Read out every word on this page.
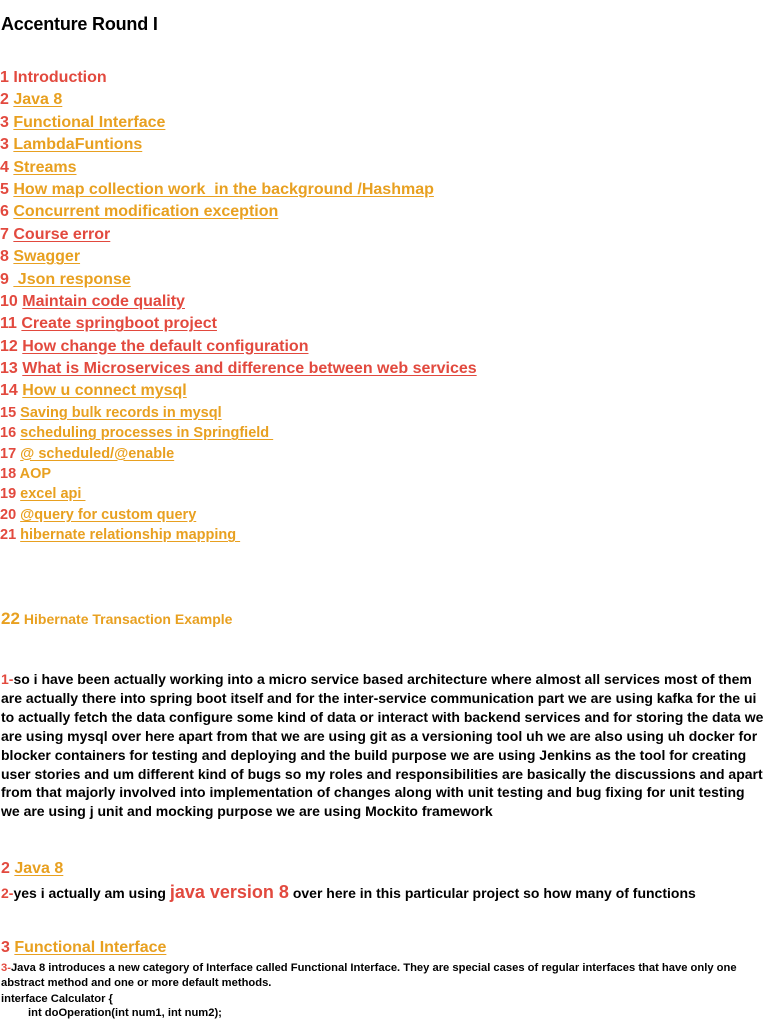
Accenture Round I
1 Introduction
2 Java 8
3 Functional Interface
3 LambdaFuntions
4 Streams
5 How map collection work  in the background /Hashmap
6 Concurrent modification exception
7 Course error
8 Swagger
9  Json response
10 Maintain code quality
11 Create springboot project
12 How change the default configuration
13 What is Microservices and difference between web services
14 How u connect mysql
15 Saving bulk records in mysql
16 scheduling processes in Springfield
17 @ scheduled/@enable
18 AOP
19 excel api
20 @query for custom query
21 hibernate relationship mapping
22 Hibernate Transaction Example
1-so i have been actually working into a micro service based architecture where almost all services most of them are actually there into spring boot itself and for the inter-service communication part we are using kafka for the ui to actually fetch the data configure some kind of data or interact with backend services and for storing the data we are using mysql over here apart from that we are using git as a versioning tool uh we are also using uh docker for blocker containers for testing and deploying and the build purpose we are using Jenkins as the tool for creating user stories and um different kind of bugs so my roles and responsibilities are basically the discussions and apart from that majorly involved into implementation of changes along with unit testing and bug fixing for unit testing we are using j unit and mocking purpose we are using Mockito framework
2 Java 8
2-yes i actually am using java version 8 over here in this particular project so how many of functions
3 Functional Interface
3-Java 8 introduces a new category of Interface called Functional Interface. They are special cases of regular interfaces that have only one abstract method and one or more default methods.
interface Calculator {
int doOperation(int num1, int num2);
